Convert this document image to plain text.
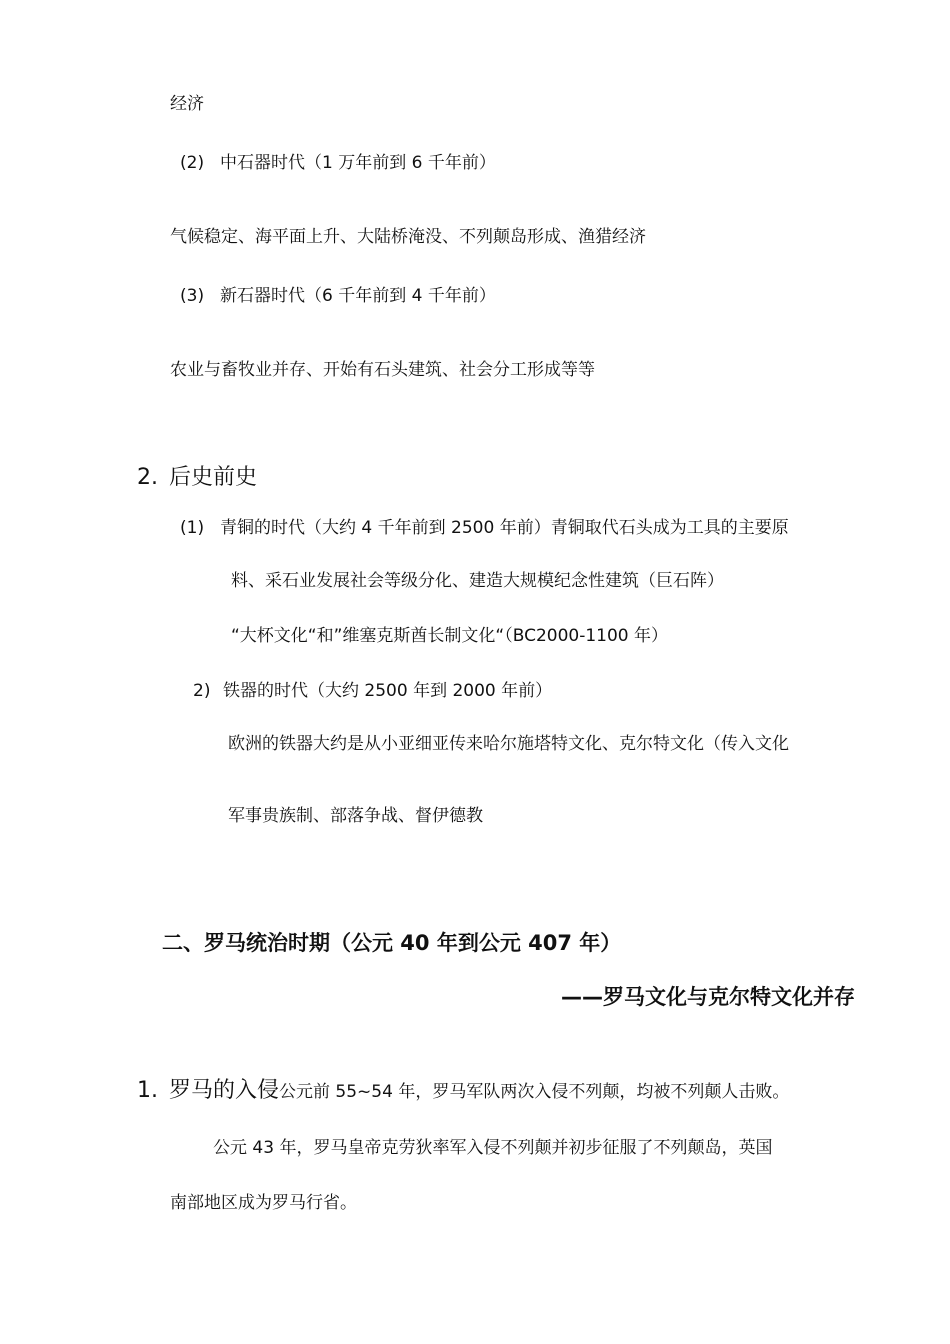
经济
(2) 中石器时代（1 万年前到 6 千年前）
气候稳定、海平面上升、大陆桥淹没、不列颠岛形成、渔猎经济
(3) 新石器时代（6 千年前到 4 千年前）
农业与畜牧业并存、开始有石头建筑、社会分工形成等等
2. 后史前史
(1) 青铜的时代（大约 4 千年前到 2500 年前）青铜取代石头成为工具的主要原
料、采石业发展社会等级分化、建造大规模纪念性建筑（巨石阵）
“大杯文化“和”维塞克斯酋长制文化“（BC2000-1100 年）
2) 铁器的时代（大约 2500 年到 2000 年前）
欧洲的铁器大约是从小亚细亚传来哈尔施塔特文化、克尔特文化（传入文化
军事贵族制、部落争战、督伊德教
二、罗马统治时期（公元 40 年到公元 407 年）
——罗马文化与克尔特文化并存
1. 罗马的入侵公元前 55~54 年，罗马军队两次入侵不列颠，均被不列颠人击败。
公元 43 年，罗马皇帝克劳狄率军入侵不列颠并初步征服了不列颠岛，英国
南部地区成为罗马行省。
